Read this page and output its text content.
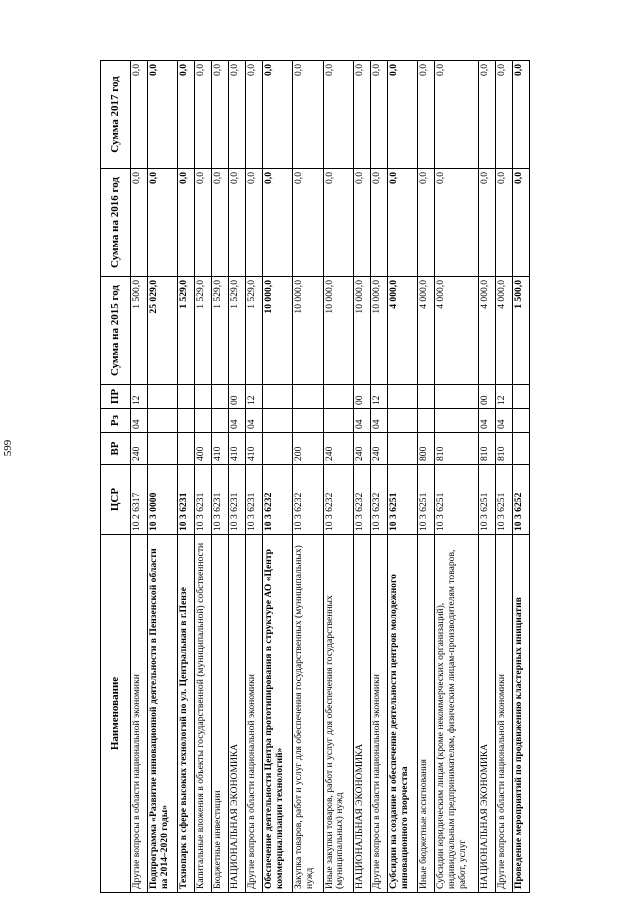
599
Наименование	ЦСР	ВР	Рз	ПР	Сумма на 2015 год	Сумма на 2016 год	Сумма 2017 год
Другие вопросы в области национальной экономики	10 2 6317	240	04	12	1 500,0	0,0	0,0
Подпрограмма «Развитие инновационной деятельности в Пензенской области на 2014–2020 годы»	10 3 0000				25 029,0	0,0	0,0
Технопарк в сфере высоких технологий по ул. Центральная в г.Пензе	10 3 6231				1 529,0	0,0	0,0
Капитальные вложения в объекты государственной (муниципальной) собственности	10 3 6231	400			1 529,0	0,0	0,0
Бюджетные инвестиции	10 3 6231	410			1 529,0	0,0	0,0
НАЦИОНАЛЬНАЯ ЭКОНОМИКА	10 3 6231	410	04	00	1 529,0	0,0	0,0
Другие вопросы в области национальной экономики	10 3 6231	410	04	12	1 529,0	0,0	0,0
Обеспечение деятельности Центра прототипирования в структуре АО «Центр коммерциализации технологий»	10 3 6232				10 000,0	0,0	0,0
Закупка товаров, работ и услуг для обеспечения государственных (муниципальных) нужд	10 3 6232	200			10 000,0	0,0	0,0
Иные закупки товаров, работ и услуг для обеспечения государственных (муниципальных) нужд	10 3 6232	240			10 000,0	0,0	0,0
НАЦИОНАЛЬНАЯ ЭКОНОМИКА	10 3 6232	240	04	00	10 000,0	0,0	0,0
Другие вопросы в области национальной экономики	10 3 6232	240	04	12	10 000,0	0,0	0,0
Субсидии на создание и обеспечение деятельности центров молодежного инновационного творчества	10 3 6251				4 000,0	0,0	0,0
Иные бюджетные ассигнования	10 3 6251	800			4 000,0	0,0	0,0
Субсидии юридическим лицам (кроме некоммерческих организаций), индивидуальным предпринимателям, физическим лицам-производителям товаров, работ, услуг	10 3 6251	810			4 000,0	0,0	0,0
НАЦИОНАЛЬНАЯ ЭКОНОМИКА	10 3 6251	810	04	00	4 000,0	0,0	0,0
Другие вопросы в области национальной экономики	10 3 6251	810	04	12	4 000,0	0,0	0,0
Проведение мероприятий по продвижению кластерных инициатив	10 3 6252				1 500,0	0,0	0,0
